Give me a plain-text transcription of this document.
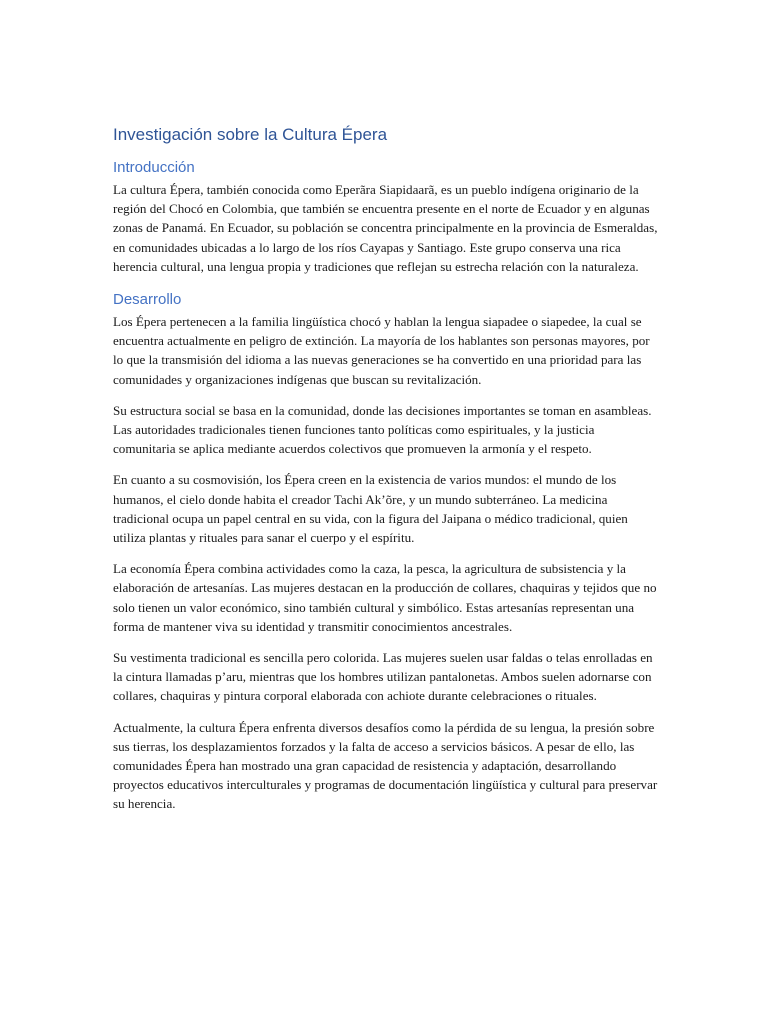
Investigación sobre la Cultura Épera
Introducción

La cultura Épera, también conocida como Eperãra Siapidaarã, es un pueblo indígena originario de la región del Chocó en Colombia, que también se encuentra presente en el norte de Ecuador y en algunas zonas de Panamá. En Ecuador, su población se concentra principalmente en la provincia de Esmeraldas, en comunidades ubicadas a lo largo de los ríos Cayapas y Santiago. Este grupo conserva una rica herencia cultural, una lengua propia y tradiciones que reflejan su estrecha relación con la naturaleza.

Desarrollo

Los Épera pertenecen a la familia lingüística chocó y hablan la lengua siapadee o siapedee, la cual se encuentra actualmente en peligro de extinción. La mayoría de los hablantes son personas mayores, por lo que la transmisión del idioma a las nuevas generaciones se ha convertido en una prioridad para las comunidades y organizaciones indígenas que buscan su revitalización.

Su estructura social se basa en la comunidad, donde las decisiones importantes se toman en asambleas. Las autoridades tradicionales tienen funciones tanto políticas como espirituales, y la justicia comunitaria se aplica mediante acuerdos colectivos que promueven la armonía y el respeto.

En cuanto a su cosmovisión, los Épera creen en la existencia de varios mundos: el mundo de los humanos, el cielo donde habita el creador Tachi Ak’õre, y un mundo subterráneo. La medicina tradicional ocupa un papel central en su vida, con la figura del Jaipana o médico tradicional, quien utiliza plantas y rituales para sanar el cuerpo y el espíritu.

La economía Épera combina actividades como la caza, la pesca, la agricultura de subsistencia y la elaboración de artesanías. Las mujeres destacan en la producción de collares, chaquiras y tejidos que no solo tienen un valor económico, sino también cultural y simbólico. Estas artesanías representan una forma de mantener viva su identidad y transmitir conocimientos ancestrales.

Su vestimenta tradicional es sencilla pero colorida. Las mujeres suelen usar faldas o telas enrolladas en la cintura llamadas p’aru, mientras que los hombres utilizan pantalonetas. Ambos suelen adornarse con collares, chaquiras y pintura corporal elaborada con achiote durante celebraciones o rituales.

Actualmente, la cultura Épera enfrenta diversos desafíos como la pérdida de su lengua, la presión sobre sus tierras, los desplazamientos forzados y la falta de acceso a servicios básicos. A pesar de ello, las comunidades Épera han mostrado una gran capacidad de resistencia y adaptación, desarrollando proyectos educativos interculturales y programas de documentación lingüística y cultural para preservar su herencia.
